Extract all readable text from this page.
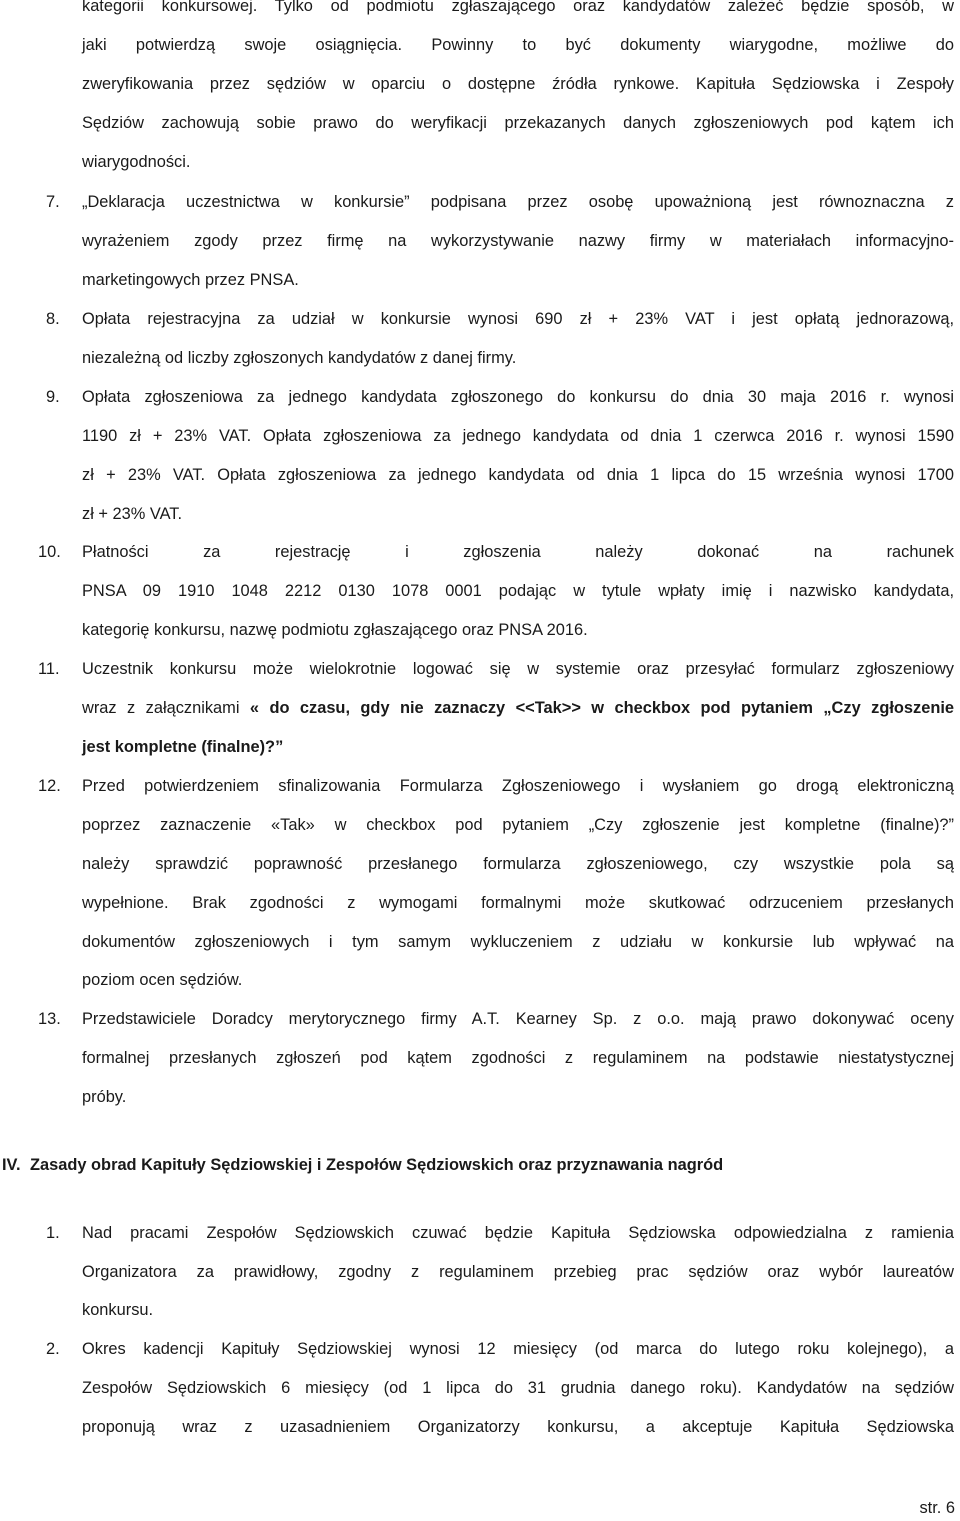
kategorii konkursowej. Tylko od podmiotu zgłaszającego oraz kandydatów zależeć będzie sposób, w
jaki potwierdzą swoje osiągnięcia. Powinny to być dokumenty wiarygodne, możliwe do
zweryfikowania przez sędziów w oparciu o dostępne źródła rynkowe. Kapituła Sędziowska i Zespoły
Sędziów zachowują sobie prawo do weryfikacji przekazanych danych zgłoszeniowych pod kątem ich
wiarygodności.
7. „Deklaracja uczestnictwa w konkursie” podpisana przez osobę upoważnioną jest równoznaczna z
wyrażeniem zgody przez firmę na wykorzystywanie nazwy firmy w materiałach informacyjno-
marketingowych przez PNSA.
8. Opłata rejestracyjna za udział w konkursie wynosi 690 zł + 23% VAT i jest opłatą jednorazową,
niezależną od liczby zgłoszonych kandydatów z danej firmy.
9. Opłata zgłoszeniowa za jednego kandydata zgłoszonego do konkursu do dnia 30 maja 2016 r. wynosi
1190 zł + 23% VAT. Opłata zgłoszeniowa za jednego kandydata od dnia 1 czerwca 2016 r. wynosi 1590
zł + 23% VAT. Opłata zgłoszeniowa za jednego kandydata od dnia 1 lipca do 15 września wynosi 1700
zł + 23% VAT.
10. Płatności za rejestrację i zgłoszenia należy dokonać na rachunek
PNSA 09 1910 1048 2212 0130 1078 0001 podając w tytule wpłaty imię i nazwisko kandydata,
kategorię konkursu, nazwę podmiotu zgłaszającego oraz PNSA 2016.
11. Uczestnik konkursu może wielokrotnie logować się w systemie oraz przesyłać formularz zgłoszeniowy
wraz z załącznikami « do czasu, gdy nie zaznaczy <<Tak>> w checkbox pod pytaniem „Czy zgłoszenie
jest kompletne (finalne)?”
12. Przed potwierdzeniem sfinalizowania Formularza Zgłoszeniowego i wysłaniem go drogą elektroniczną
poprzez zaznaczenie «Tak» w checkbox pod pytaniem „Czy zgłoszenie jest kompletne (finalne)?”
należy sprawdzić poprawność przesłanego formularza zgłoszeniowego, czy wszystkie pola są
wypełnione. Brak zgodności z wymogami formalnymi może skutkować odrzuceniem przesłanych
dokumentów zgłoszeniowych i tym samym wykluczeniem z udziału w konkursie lub wpływać na
poziom ocen sędziów.
13. Przedstawiciele Doradcy merytorycznego firmy A.T. Kearney Sp. z o.o. mają prawo dokonywać oceny
formalnej przesłanych zgłoszeń pod kątem zgodności z regulaminem na podstawie niestatystycznej
próby.
IV. Zasady obrad Kapituły Sędziowskiej i Zespołów Sędziowskich oraz przyznawania nagród
1. Nad pracami Zespołów Sędziowskich czuwać będzie Kapituła Sędziowska odpowiedzialna z ramienia
Organizatora za prawidłowy, zgodny z regulaminem przebieg prac sędziów oraz wybór laureatów
konkursu.
2. Okres kadencji Kapituły Sędziowskiej wynosi 12 miesięcy (od marca do lutego roku kolejnego), a
Zespołów Sędziowskich 6 miesięcy (od 1 lipca do 31 grudnia danego roku). Kandydatów na sędziów
proponują wraz z uzasadnieniem Organizatorzy konkursu, a akceptuje Kapituła Sędziowska
str. 6
